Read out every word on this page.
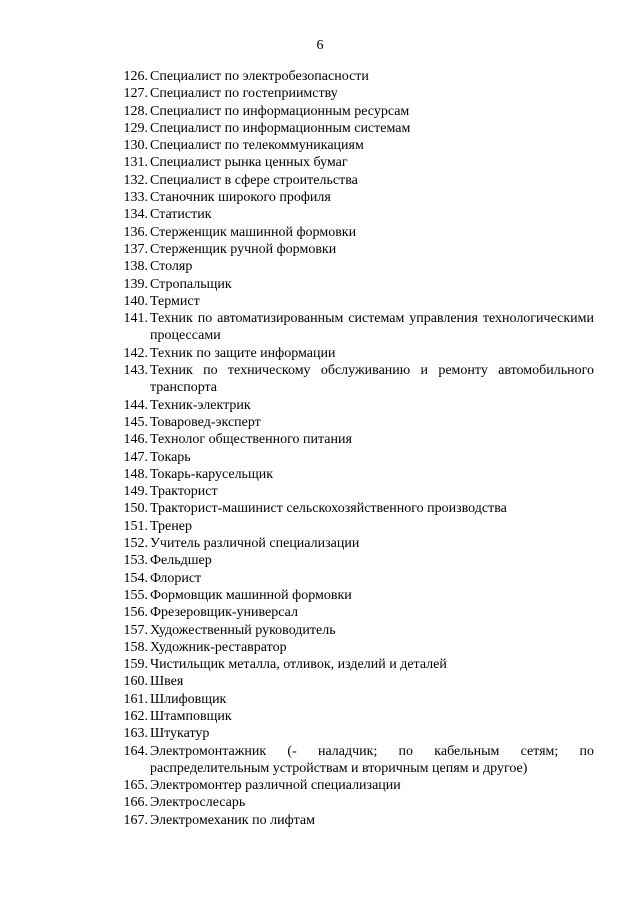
6
126. Специалист по электробезопасности
127. Специалист по гостеприимству
128. Специалист по информационным ресурсам
129. Специалист по информационным системам
130. Специалист по телекоммуникациям
131. Специалист рынка ценных бумаг
132. Специалист в сфере строительства
133. Станочник широкого профиля
134. Статистик
136. Стерженщик машинной формовки
137. Стерженщик ручной формовки
138. Столяр
139. Стропальщик
140. Термист
141. Техник по автоматизированным системам управления технологическими процессами
142. Техник по защите информации
143. Техник по техническому обслуживанию и ремонту автомобильного транспорта
144. Техник-электрик
145. Товаровед-эксперт
146. Технолог общественного питания
147. Токарь
148. Токарь-карусельщик
149. Тракторист
150. Тракторист-машинист сельскохозяйственного производства
151. Тренер
152. Учитель различной специализации
153. Фельдшер
154. Флорист
155. Формовщик машинной формовки
156. Фрезеровщик-универсал
157. Художественный руководитель
158. Художник-реставратор
159. Чистильщик металла, отливок, изделий и деталей
160. Швея
161. Шлифовщик
162. Штамповщик
163. Штукатур
164. Электромонтажник (- наладчик; по кабельным сетям; по распределительным устройствам и вторичным цепям и другое)
165. Электромонтер различной специализации
166. Электрослесарь
167. Электромеханик по лифтам
